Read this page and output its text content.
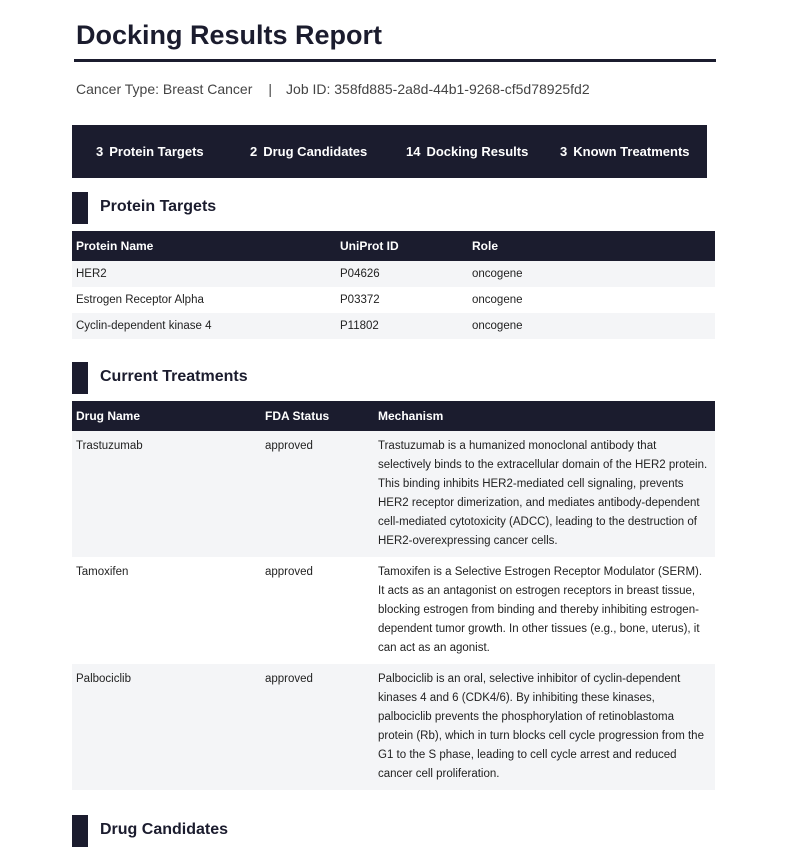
Docking Results Report
Cancer Type: Breast Cancer | Job ID: 358fd885-2a8d-44b1-9268-cf5d78925fd2
3 Protein Targets	2 Drug Candidates	14 Docking Results 3 Known Treatments
Protein Targets
Protein Name	UniProt ID	Role
HER2	P04626	oncogene
Estrogen Receptor Alpha	P03372	oncogene
Cyclin-dependent kinase 4	P11802	oncogene
Current Treatments
Drug Name	FDA Status	Mechanism
Trastuzumab	approved	Trastuzumab is a humanized monoclonal antibody that selectively binds to the extracellular domain of the HER2 protein. This binding inhibits HER2-mediated cell signaling, prevents HER2 receptor dimerization, and mediates antibody-dependent cell-mediated cytotoxicity (ADCC), leading to the destruction of HER2-overexpressing cancer cells.
Tamoxifen	approved	Tamoxifen is a Selective Estrogen Receptor Modulator (SERM). It acts as an antagonist on estrogen receptors in breast tissue, blocking estrogen from binding and thereby inhibiting estrogen-dependent tumor growth. In other tissues (e.g., bone, uterus), it can act as an agonist.
Palbociclib	approved	Palbociclib is an oral, selective inhibitor of cyclin-dependent kinases 4 and 6 (CDK4/6). By inhibiting these kinases, palbociclib prevents the phosphorylation of retinoblastoma protein (Rb), which in turn blocks cell cycle progression from the G1 to the S phase, leading to cell cycle arrest and reduced cancer cell proliferation.
Drug Candidates
